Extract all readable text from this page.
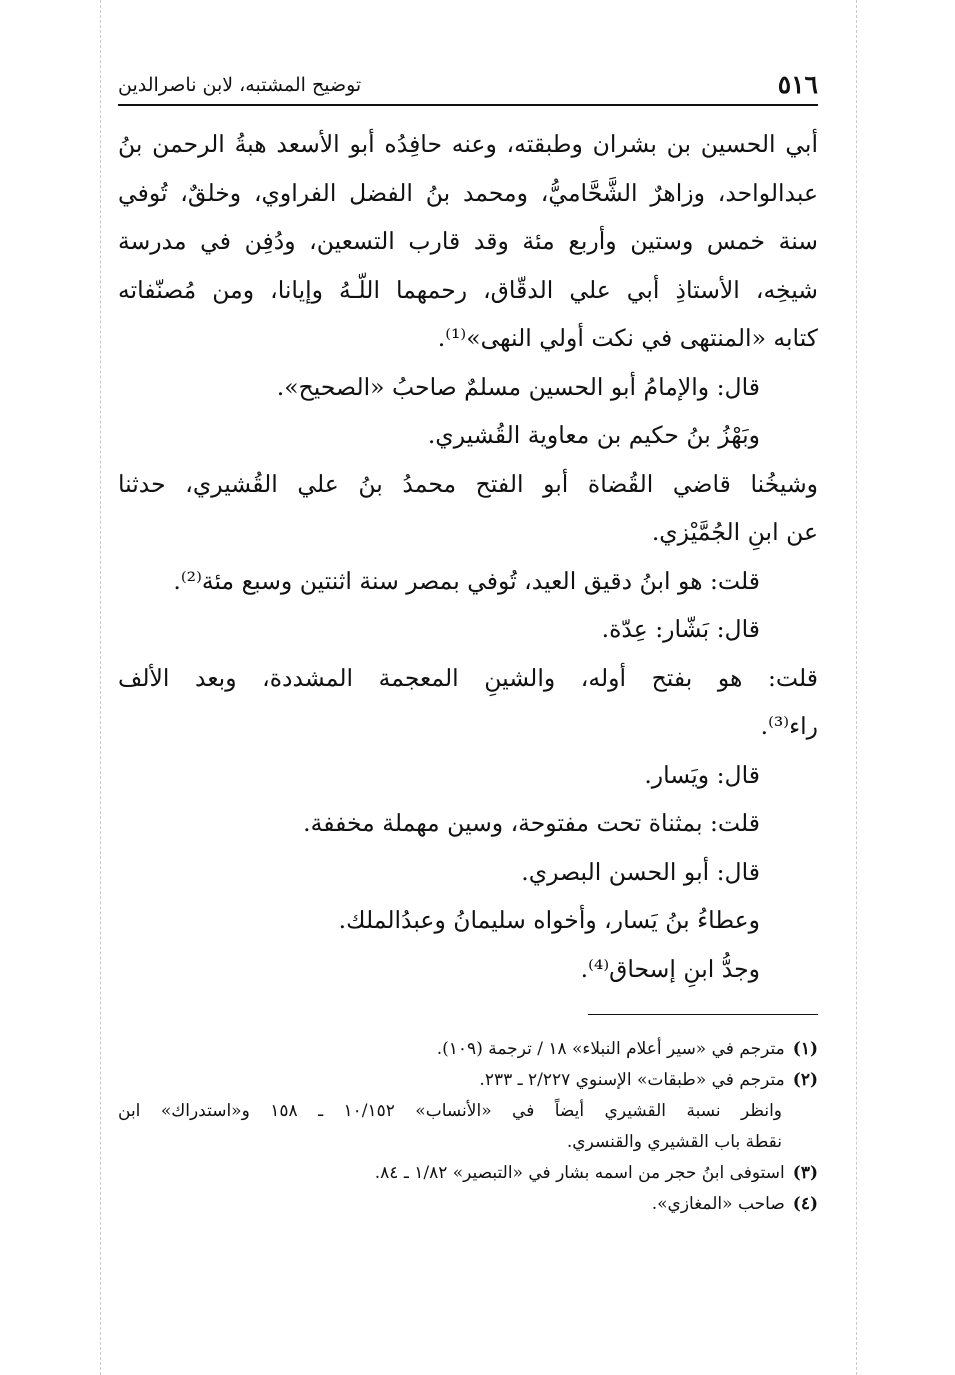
٥١٦
توضيح المشتبه، لابن ناصرالدين
أبي الحسين بن بشران وطبقته، وعنه حافِدُه أبو الأسعد هبةُ الرحمن بنُ
عبدالواحد، وزاهرٌ الشَّحَّاميُّ، ومحمد بنُ الفضل الفراوي، وخلقٌ، تُوفي
سنة خمس وستين وأربع مئة وقد قارب التسعين، ودُفِن في مدرسة
شيخِه، الأستاذِ أبي علي الدقّاق، رحمهما اللّـهُ وإيانا، ومن مُصنّفاته
كتابه «المنتهى في نكت أولي النهى»⁽¹⁾.
قال: والإمامُ أبو الحسين مسلمٌ صاحبُ «الصحيح».
وبَهْزُ بنُ حكيم بن معاوية القُشيري.
وشيخُنا قاضي القُضاة أبو الفتح محمدُ بنُ علي القُشيري، حدثنا
عن ابنِ الجُمَّيْزي.
قلت: هو ابنُ دقيق العيد، تُوفي بمصر سنة اثنتين وسبع مئة⁽²⁾.
قال: بَشّار: عِدّة.
قلت: هو بفتح أوله، والشينِ المعجمة المشددة، وبعد الألف
راء⁽³⁾.
قال: ويَسار.
قلت: بمثناة تحت مفتوحة، وسين مهملة مخففة.
قال: أبو الحسن البصري.
وعطاءُ بنُ يَسار، وأخواه سليمانُ وعبدُالملك.
وجدُّ ابنِ إسحاق⁽⁴⁾.
(١)مترجم في «سير أعلام النبلاء» ١٨ / ترجمة (١٠٩).
(٢)مترجم في «طبقات» الإسنوي ٢/٢٢٧ ـ ٢٣٣.
وانظر نسبة القشيري أيضاً في «الأنساب» ١٠/١٥٢ ـ ١٥٨ و«استدراك» ابن
نقطة باب القشيري والقنسري.
(٣)استوفى ابنُ حجر من اسمه بشار في «التبصير» ١/٨٢ ـ ٨٤.
(٤)صاحب «المغازي».
